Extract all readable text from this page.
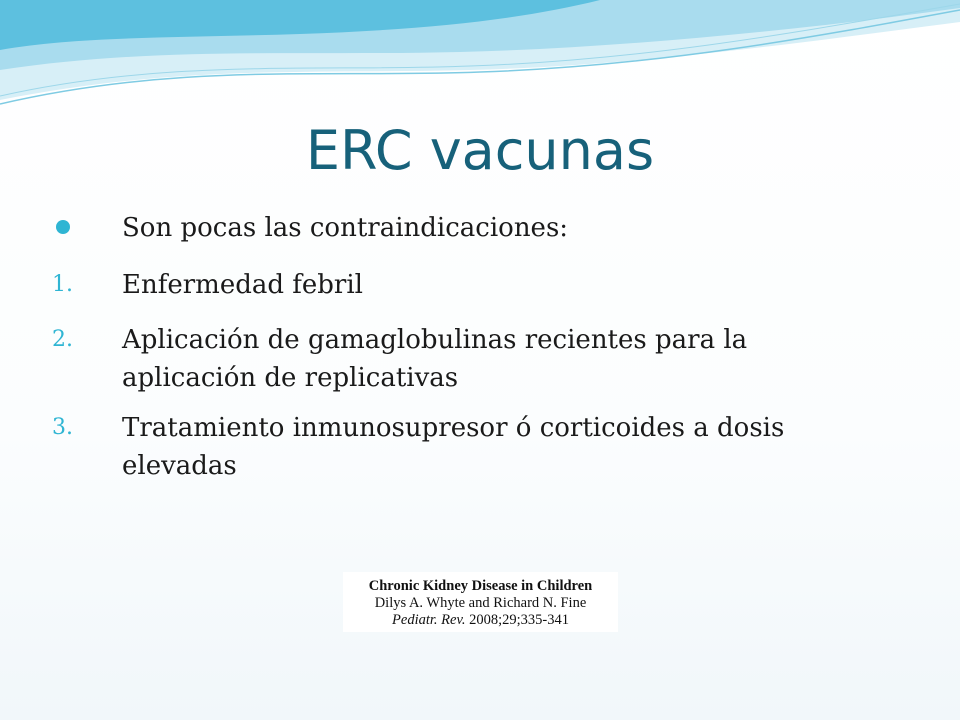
ERC vacunas
Son pocas las contraindicaciones:
1.	Enfermedad febril
2.	Aplicación de gamaglobulinas recientes para la
aplicación de replicativas
3.	Tratamiento inmunosupresor ó corticoides a dosis
elevadas
Chronic Kidney Disease in Children
Dilys A. Whyte and Richard N. Fine
Pediatr. Rev. 2008;29;335-341
